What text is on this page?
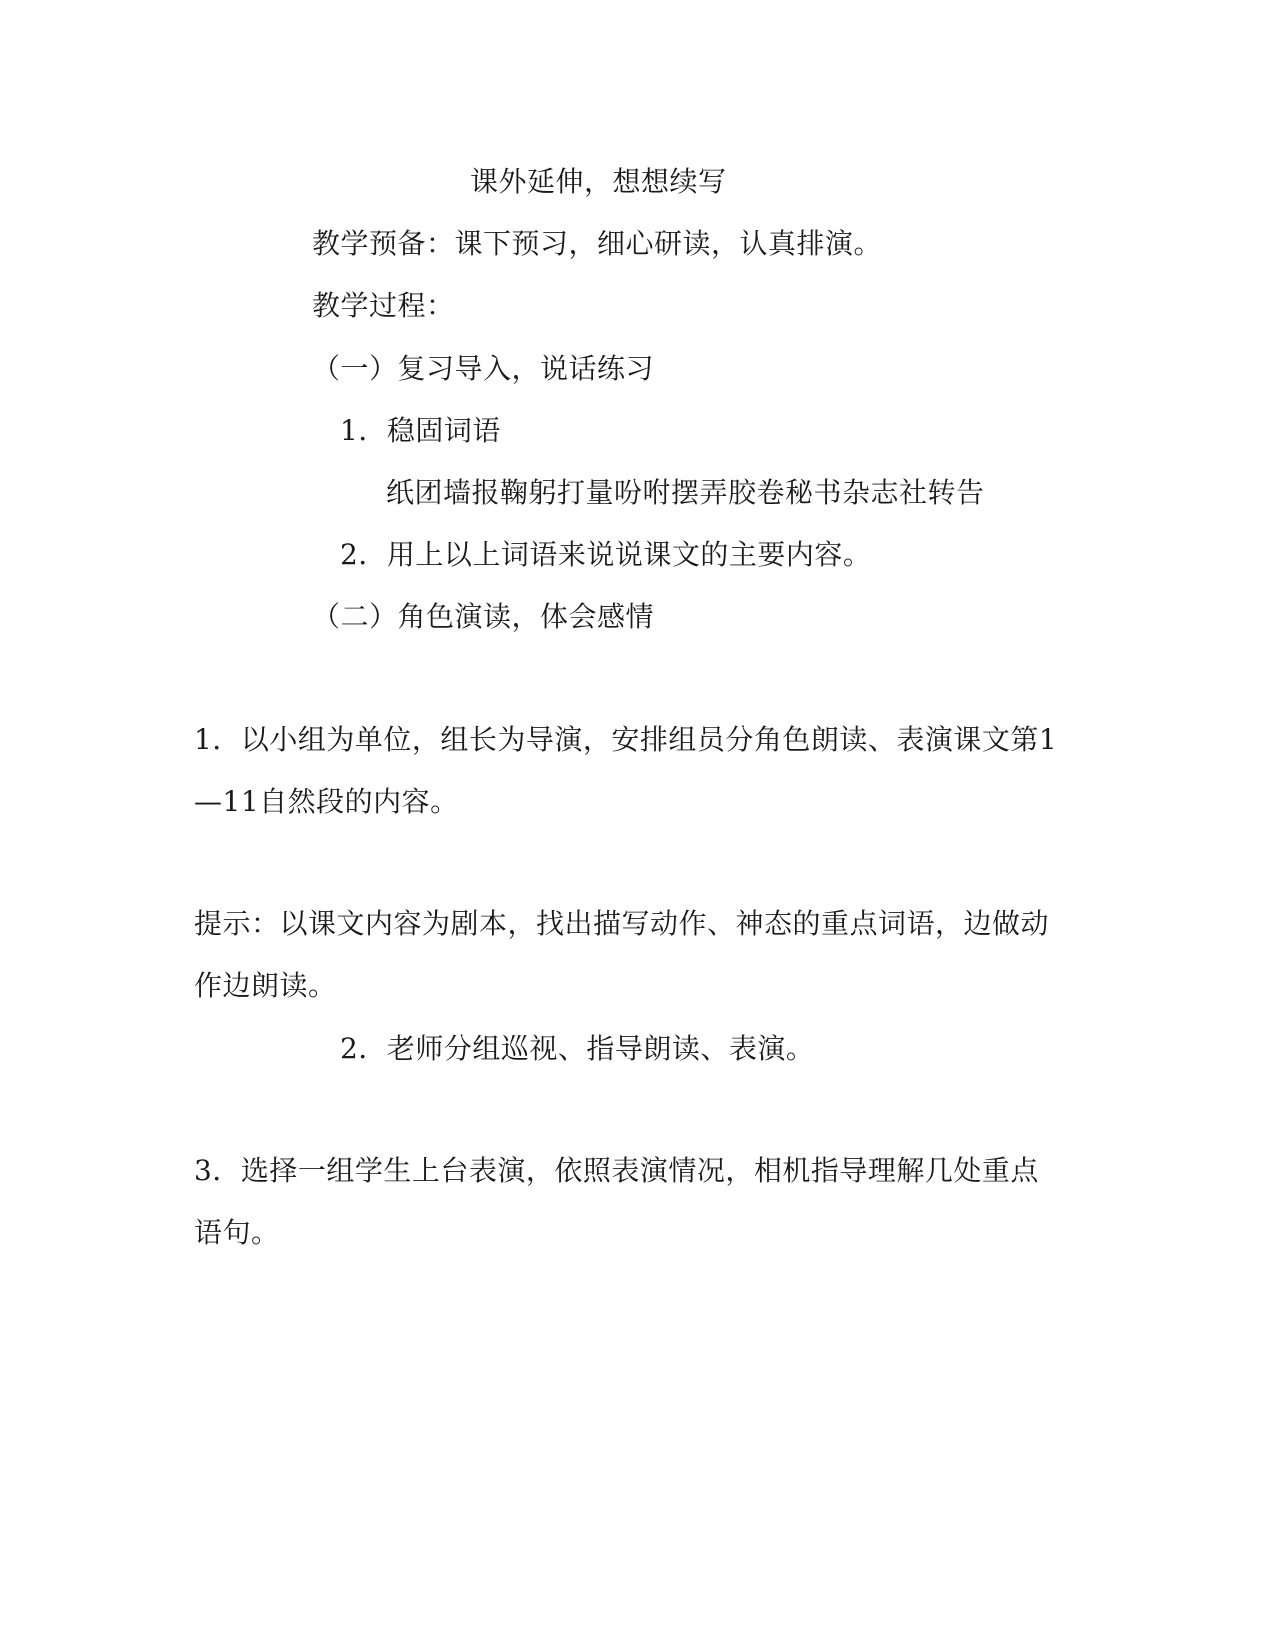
课外延伸，想想续写
教学预备：课下预习，细心研读，认真排演。
教学过程：
（一）复习导入，说话练习
1．稳固词语
纸团墙报鞠躬打量吩咐摆弄胶卷秘书杂志社转告
2．用上以上词语来说说课文的主要内容。
（二）角色演读，体会感情
1．以小组为单位，组长为导演，安排组员分角色朗读、表演课文第1
—11自然段的内容。
提示：以课文内容为剧本，找出描写动作、神态的重点词语，边做动
作边朗读。
2．老师分组巡视、指导朗读、表演。
3．选择一组学生上台表演，依照表演情况，相机指导理解几处重点
语句。
